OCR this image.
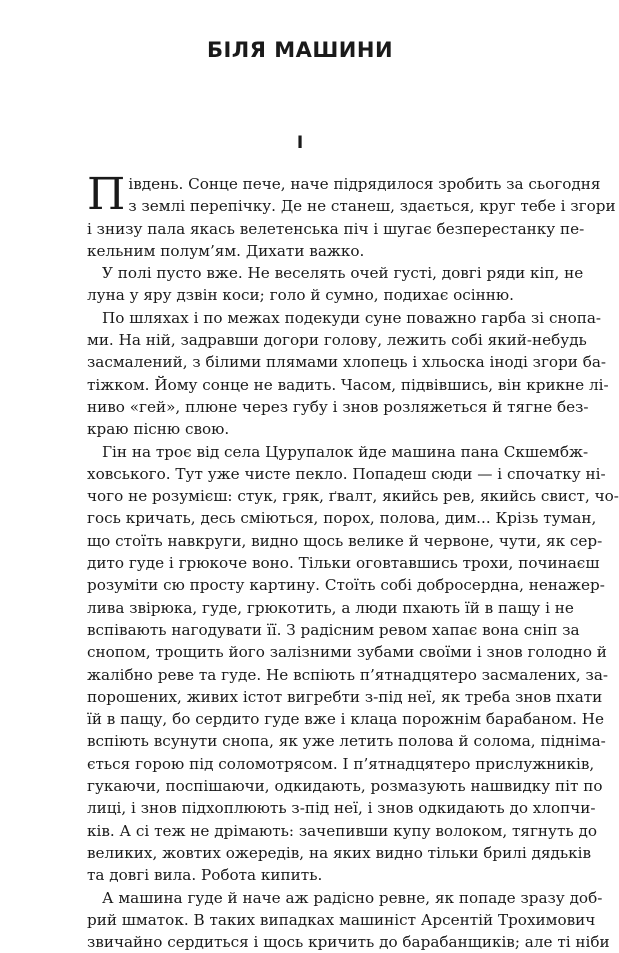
БІЛЯ МАШИНИ
I
П івдень. Сонце пече, наче підрядилося зробить за сьогодня
з землі перепічку. Де не станеш, здається, круг тебе і згори
і знизу пала якась велетенська піч і шугає безперестанку пе-
кельним полум’ям. Дихати важко.
У полі пусто вже. Не веселять очей густі, довгі ряди кіп, не
луна у яру дзвін коси; голо й сумно, подихає осінню.
По шляхах і по межах подекуди суне поважно гарба зі снопа-
ми. На ній, задравши догори голову, лежить собі який-небудь
засмалений, з білими плямами хлопець і хльоска іноді згори ба-
тіжком. Йому сонце не вадить. Часом, підвівшись, він крикне лі-
ниво «гей», плюне через губу і знов розляжеться й тягне без-
краю пісню свою.
Гін на троє від села Цурупалок йде машина пана Скшембж-
ховського. Тут уже чисте пекло. Попадеш сюди — і спочатку ні-
чого не розумієш: стук, гряк, ґвалт, якийсь рев, якийсь свист, чо-
гось кричать, десь сміються, порох, полова, дим... Крізь туман,
що стоїть навкруги, видно щось велике й червоне, чути, як сер-
дито гуде і грюкоче воно. Тільки оговтавшись трохи, починаєш
розуміти сю просту картину. Стоїть собі добросердна, ненажер-
лива звірюка, гуде, грюкотить, а люди пхають їй в пащу і не
вспівають нагодувати її. З радісним ревом хапає вона сніп за
снопом, трощить його залізними зубами своїми і знов голодно й
жалібно реве та гуде. Не вспіють п’ятнадцятеро засмалених, за-
порошених, живих істот вигребти з-під неї, як треба знов пхати
їй в пащу, бо сердито гуде вже і клаца порожнім барабаном. Не
вспіють всунути снопа, як уже летить полова й солома, підніма-
ється горою під соломотрясом. І п’ятнадцятеро прислужників,
гукаючи, поспішаючи, одкидають, розмазують нашвидку піт по
лиці, і знов підхоплюють з-під неї, і знов одкидають до хлопчи-
ків. А сі теж не дрімають: зачепивши купу волоком, тягнуть до
великих, жовтих ожередів, на яких видно тільки брилі дядьків
та довгі вила. Робота кипить.
А машина гуде й наче аж радісно ревне, як попаде зразу доб-
рий шматок. В таких випадках машиніст Арсентій Трохимович
звичайно сердиться і щось кричить до барабанщиків; але ті ніби
